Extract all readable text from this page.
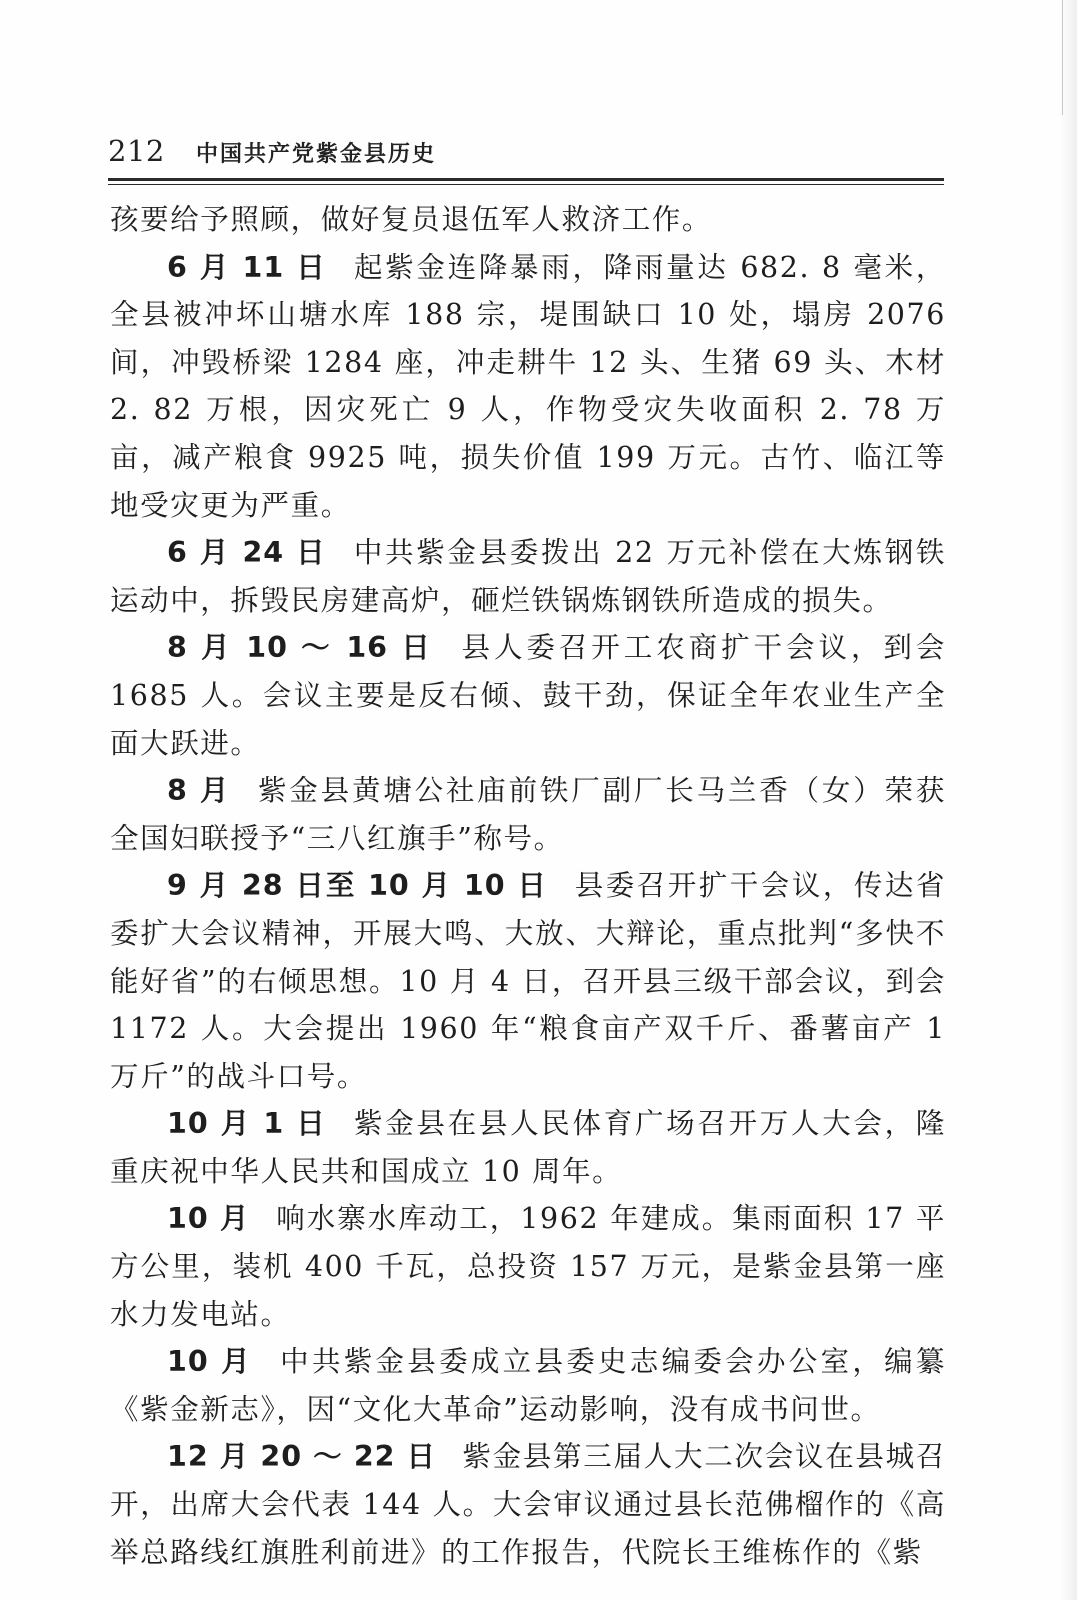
212 中国共产党紫金县历史

孩要给予照顾，做好复员退伍军人救济工作。

6 月 11 日 起紫金连降暴雨，降雨量达 682. 8 毫米，全县被冲坏山塘水库 188 宗，堤围缺口 10 处，塌房 2076 间，冲毁桥梁 1284 座，冲走耕牛 12 头、生猪 69 头、木材 2. 82 万根，因灾死亡 9 人，作物受灾失收面积 2. 78 万亩，减产粮食 9925 吨，损失价值 199 万元。古竹、临江等地受灾更为严重。

6 月 24 日 中共紫金县委拨出 22 万元补偿在大炼钢铁运动中，拆毁民房建高炉，砸烂铁锅炼钢铁所造成的损失。

8 月 10 ～ 16 日 县人委召开工农商扩干会议，到会 1685 人。会议主要是反右倾、鼓干劲，保证全年农业生产全面大跃进。

8 月 紫金县黄塘公社庙前铁厂副厂长马兰香（女）荣获全国妇联授予“三八红旗手”称号。

9 月 28 日至 10 月 10 日 县委召开扩干会议，传达省委扩大会议精神，开展大鸣、大放、大辩论，重点批判“多快不能好省”的右倾思想。10 月 4 日，召开县三级干部会议，到会 1172 人。大会提出 1960 年“粮食亩产双千斤、番薯亩产 1 万斤”的战斗口号。

10 月 1 日 紫金县在县人民体育广场召开万人大会，隆重庆祝中华人民共和国成立 10 周年。

10 月 响水寨水库动工，1962 年建成。集雨面积 17 平方公里，装机 400 千瓦，总投资 157 万元，是紫金县第一座水力发电站。

10 月 中共紫金县委成立县委史志编委会办公室，编纂《紫金新志》，因“文化大革命”运动影响，没有成书问世。

12 月 20 ～ 22 日 紫金县第三届人大二次会议在县城召开，出席大会代表 144 人。大会审议通过县长范佛榴作的《高举总路线红旗胜利前进》的工作报告，代院长王维栋作的《紫
